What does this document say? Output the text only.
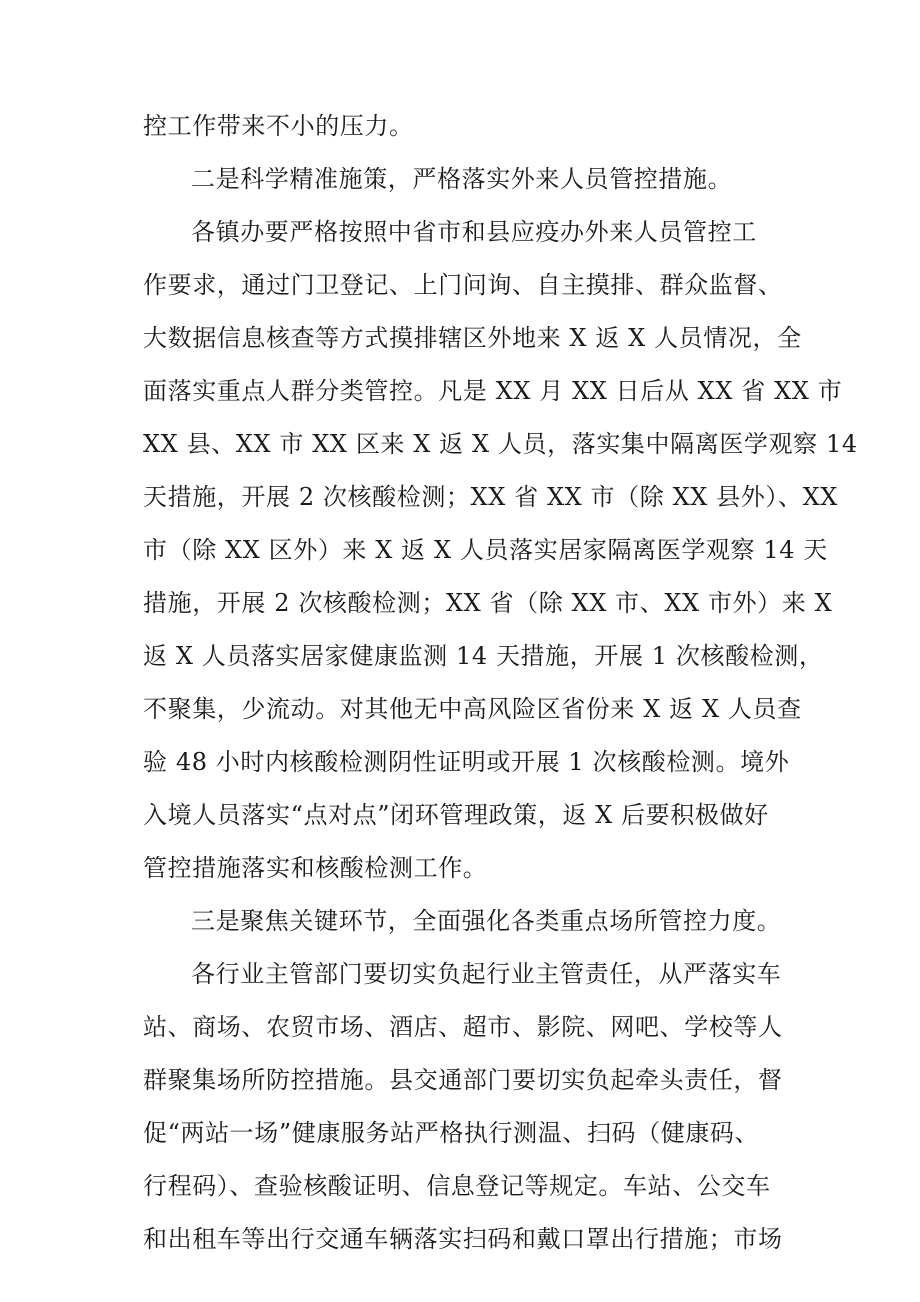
控工作带来不小的压力。
二是科学精准施策，严格落实外来人员管控措施。
各镇办要严格按照中省市和县应疫办外来人员管控工
作要求，通过门卫登记、上门问询、自主摸排、群众监督、
大数据信息核查等方式摸排辖区外地来 X 返 X 人员情况，全
面落实重点人群分类管控。凡是 XX 月 XX 日后从 XX 省 XX 市
XX 县、XX 市 XX 区来 X 返 X 人员，落实集中隔离医学观察 14
天措施，开展 2 次核酸检测；XX 省 XX 市（除 XX 县外）、XX
市（除 XX 区外）来 X 返 X 人员落实居家隔离医学观察 14 天
措施，开展 2 次核酸检测；XX 省（除 XX 市、XX 市外）来 X
返 X 人员落实居家健康监测 14 天措施，开展 1 次核酸检测，
不聚集，少流动。对其他无中高风险区省份来 X 返 X 人员查
验 48 小时内核酸检测阴性证明或开展 1 次核酸检测。境外
入境人员落实“点对点”闭环管理政策，返 X 后要积极做好
管控措施落实和核酸检测工作。
三是聚焦关键环节，全面强化各类重点场所管控力度。
各行业主管部门要切实负起行业主管责任，从严落实车
站、商场、农贸市场、酒店、超市、影院、网吧、学校等人
群聚集场所防控措施。县交通部门要切实负起牵头责任，督
促“两站一场”健康服务站严格执行测温、扫码（健康码、
行程码）、查验核酸证明、信息登记等规定。车站、公交车
和出租车等出行交通车辆落实扫码和戴口罩出行措施；市场
